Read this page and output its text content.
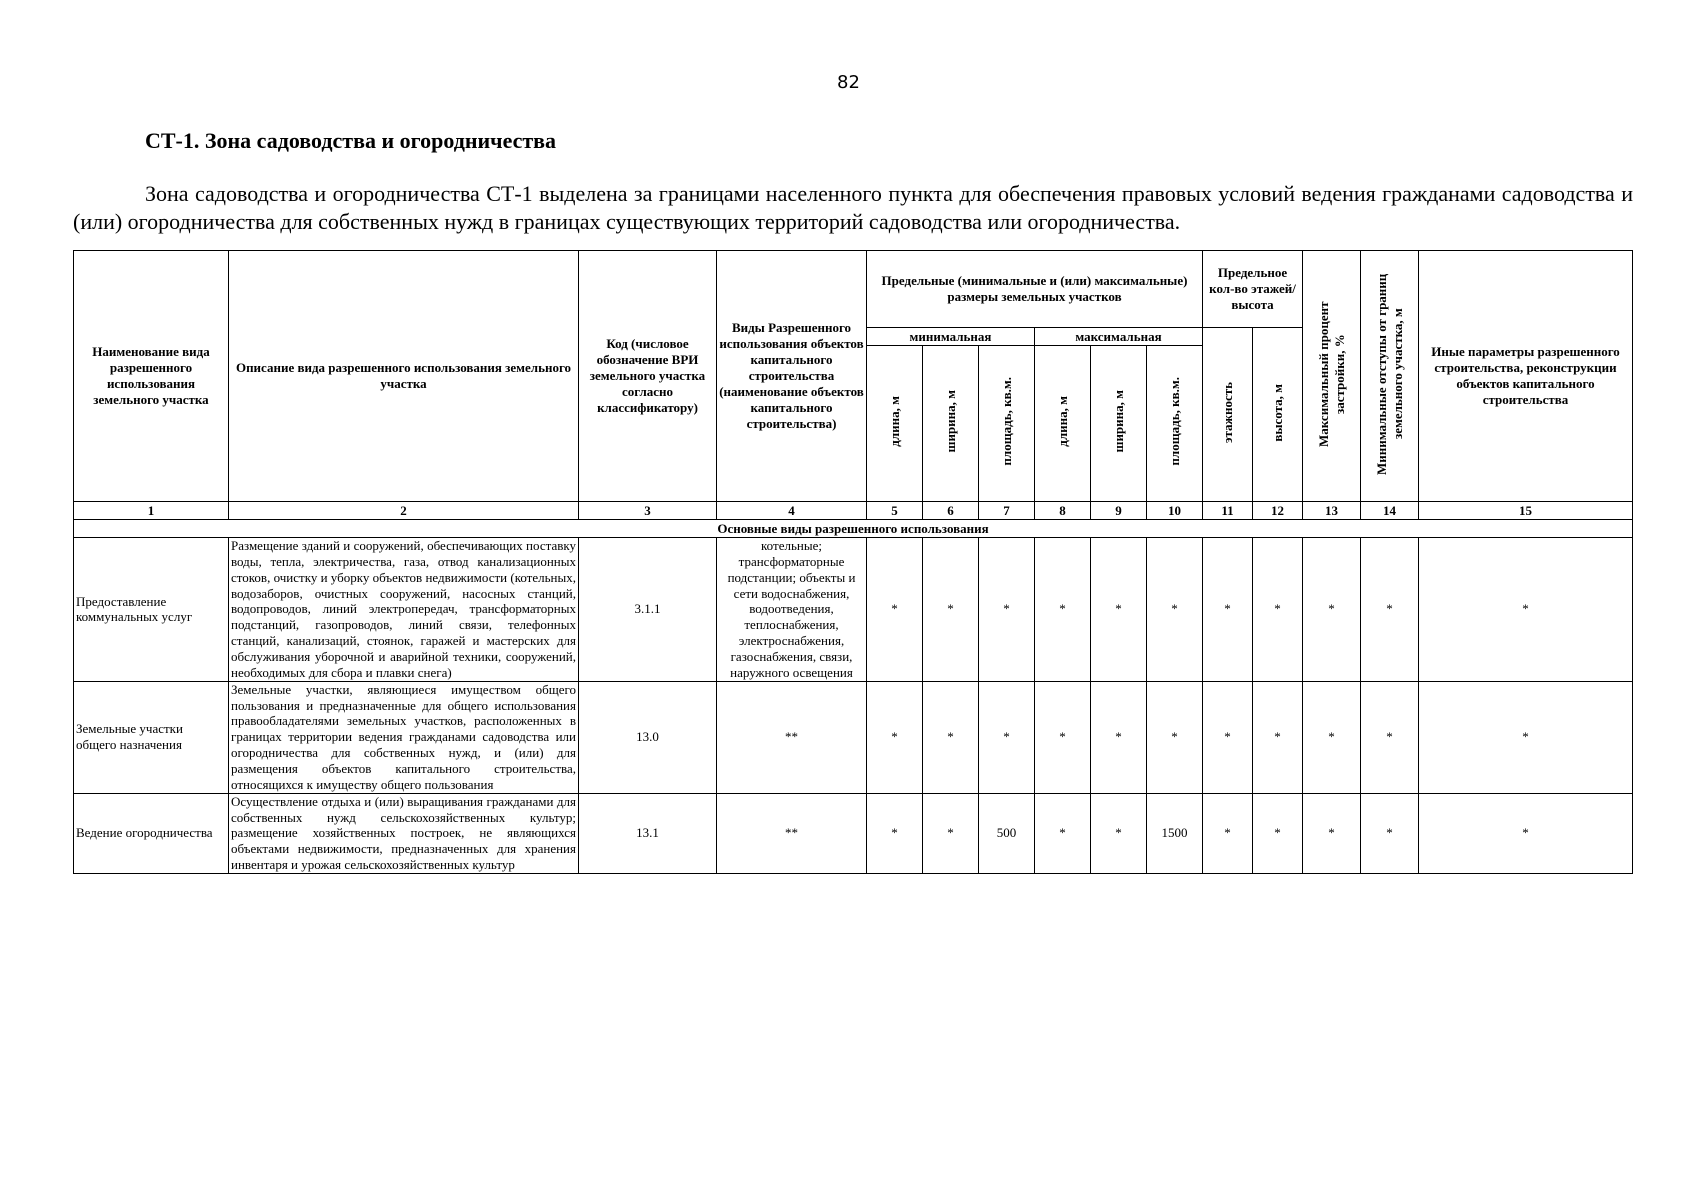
82
СТ-1. Зона садоводства и огородничества

Зона садоводства и огородничества СТ-1 выделена за границами населенного пункта для обеспечения правовых условий ведения гражданами садоводства и (или) огородничества для собственных нужд в границах существующих территорий садоводства или огородничества.

Наименование вида разрешенного использования земельного участка	Описание вида разрешенного использования земельного участка	Код (числовое обозначение ВРИ земельного участка согласно классификатору)	Виды Разрешенного использования объектов капитального строительства (наименование объектов капитального строительства)	Предельные (минимальные и (или) максимальные) размеры земельных участков						Предельное кол-во этажей/ высота		Максимальный процент застройки, %	Минимальные отступы от границ земельного участка, м	Иные параметры разрешенного строительства, реконструкции объектов капитального строительства
				минимальная			максимальная			этажность	высота, м			
				длина, м	ширина, м	площадь, кв.м.	длина, м	ширина, м	площадь, кв.м.					
1	2	3	4	5	6	7	8	9	10	11	12	13	14	15
Основные виды разрешенного использования														
Предоставление коммунальных услуг	Размещение зданий и сооружений, обеспечивающих поставку воды, тепла, электричества, газа, отвод канализационных стоков, очистку и уборку объектов недвижимости (котельных, водозаборов, очистных сооружений, насосных станций, водопроводов, линий электропередач, трансформаторных подстанций, газопроводов, линий связи, телефонных станций, канализаций, стоянок, гаражей и мастерских для обслуживания уборочной и аварийной техники, сооружений, необходимых для сбора и плавки снега)	3.1.1	котельные; трансформаторные подстанции; объекты и сети водоснабжения, водоотведения, теплоснабжения, электроснабжения, газоснабжения, связи, наружного освещения	*	*	*	*	*	*	*	*	*	*	*
Земельные участки общего назначения	Земельные участки, являющиеся имуществом общего пользования и предназначенные для общего использования правообладателями земельных участков, расположенных в границах территории ведения гражданами садоводства или огородничества для собственных нужд, и (или) для размещения объектов капитального строительства, относящихся к имуществу общего пользования	13.0	**	*	*	*	*	*	*	*	*	*	*	*
Ведение огородничества	Осуществление отдыха и (или) выращивания гражданами для собственных нужд сельскохозяйственных культур; размещение хозяйственных построек, не являющихся объектами недвижимости, предназначенных для хранения инвентаря и урожая сельскохозяйственных культур	13.1	**	*	*	500	*	*	1500	*	*	*	*	*
